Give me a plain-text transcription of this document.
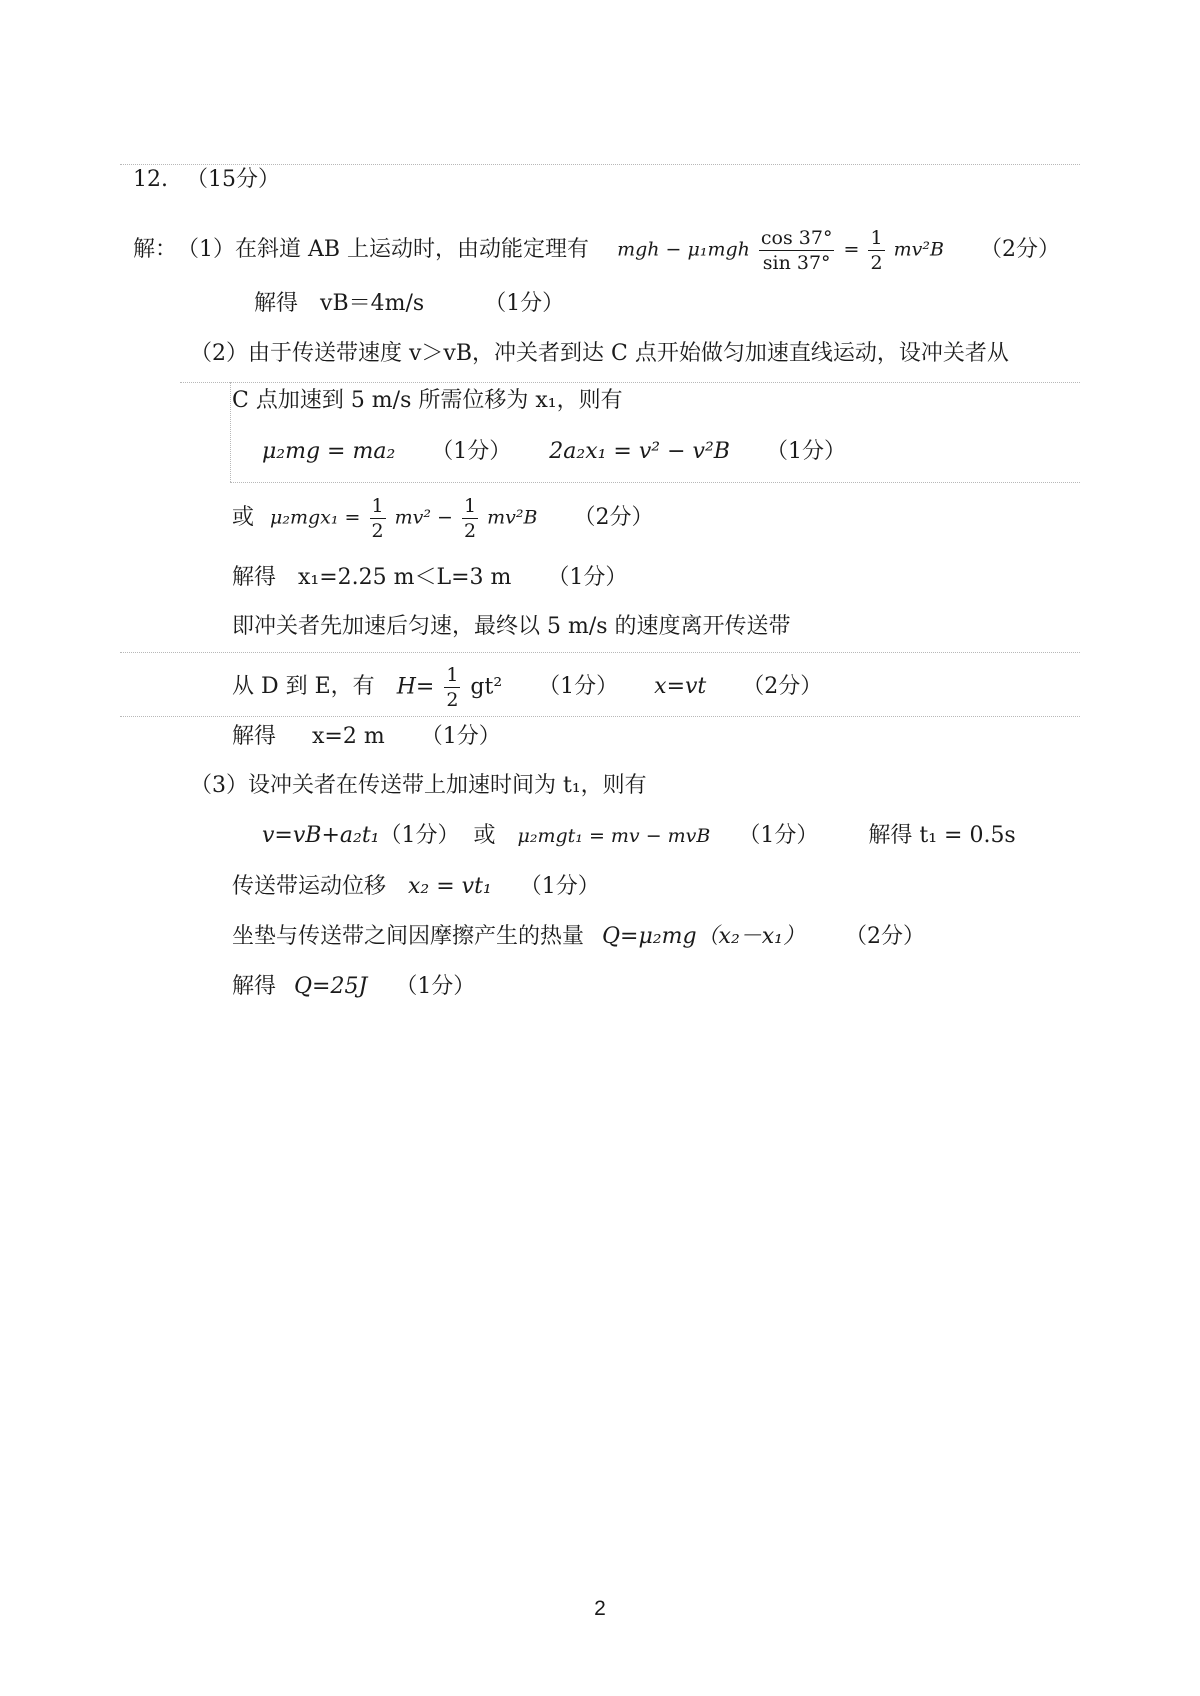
12. （15分）
解： （1） 在斜道 AB 上运动时，由动能定理有 mgh − $\mu_1mgh \frac{\cos 37^\circ}{\sin 37^\circ} = \frac{1}{2} mv^2B$ （2分）
解得 vB＝4m/s	（1分）
（2） 由于传送带速度 v＞vB，冲关者到达 C 点开始做匀加速直线运动，设冲关者从
C 点加速到 5 m/s 所需位移为 x₁，则有
μ₂mg = ma₂ （1分） 2a₂x₁ = v² − v²B （1分）
或 $\mu_2mgx_1 = \frac{1}{2} mv^2 - \frac{1}{2} mv^2B$ （2分）
解得 x₁=2.25 m＜L=3 m （1分）
即冲关者先加速后匀速，最终以 5 m/s 的速度离开传送带
从 D 到 E，有 $H= \frac{1}{2} gt^2$ （1分） x=vt （2分）
解得 x=2 m （1分）
（3） 设冲关者在传送带上加速时间为 t₁，则有
v=vB+a₂t₁ （1分） 或 μ₂mgt₁ = mv − mvB （1分） 解得 t₁ = 0.5s
传送带运动位移 x₂ = vt₁ （1分）
坐垫与传送带之间因摩擦产生的热量 Q=μ₂mg（x₂－x₁） （2分）
解得 Q=25J （1分）
2
